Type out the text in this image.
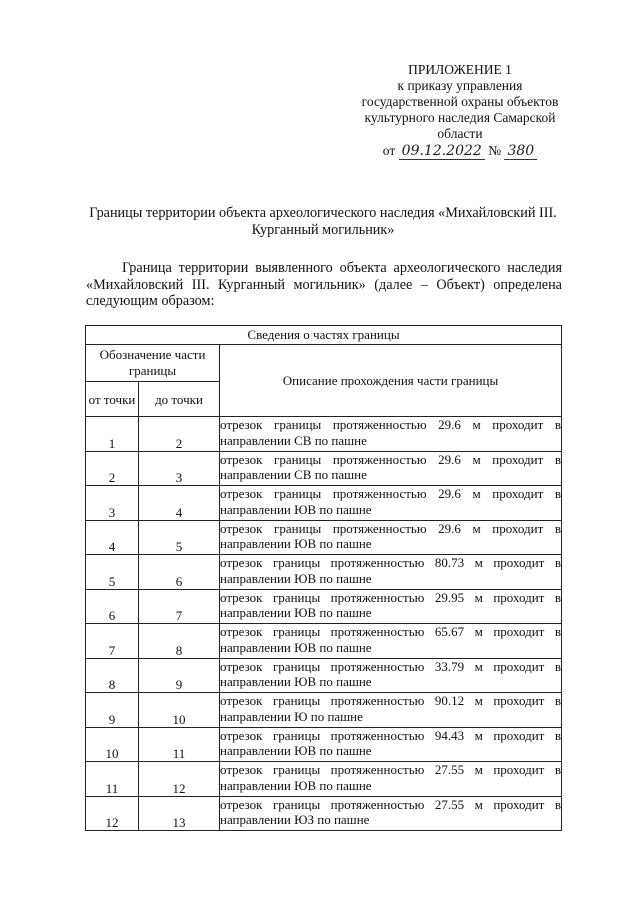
ПРИЛОЖЕНИЕ 1
к приказу управления
государственной охраны объектов
культурного наследия Самарской
области
от 09.12.2022 № 380
Границы территории объекта археологического наследия «Михайловский III. Курганный могильник»
Граница территории выявленного объекта археологического наследия «Михайловский III. Курганный могильник» (далее – Объект) определена следующим образом:
Сведения о частях границы		
Обозначение части границы		Описание прохождения части границы
от точки	до точки	
1	2	отрезок границы протяженностью 29.6 м проходит в направлении СВ по пашне
2	3	отрезок границы протяженностью 29.6 м проходит в направлении СВ по пашне
3	4	отрезок границы протяженностью 29.6 м проходит в направлении ЮВ по пашне
4	5	отрезок границы протяженностью 29.6 м проходит в направлении ЮВ по пашне
5	6	отрезок границы протяженностью 80.73 м проходит в направлении ЮВ по пашне
6	7	отрезок границы протяженностью 29.95 м проходит в направлении ЮВ по пашне
7	8	отрезок границы протяженностью 65.67 м проходит в направлении ЮВ по пашне
8	9	отрезок границы протяженностью 33.79 м проходит в направлении ЮВ по пашне
9	10	отрезок границы протяженностью 90.12 м проходит в направлении Ю по пашне
10	11	отрезок границы протяженностью 94.43 м проходит в направлении ЮВ по пашне
11	12	отрезок границы протяженностью 27.55 м проходит в направлении ЮВ по пашне
12	13	отрезок границы протяженностью 27.55 м проходит в направлении ЮЗ по пашне
